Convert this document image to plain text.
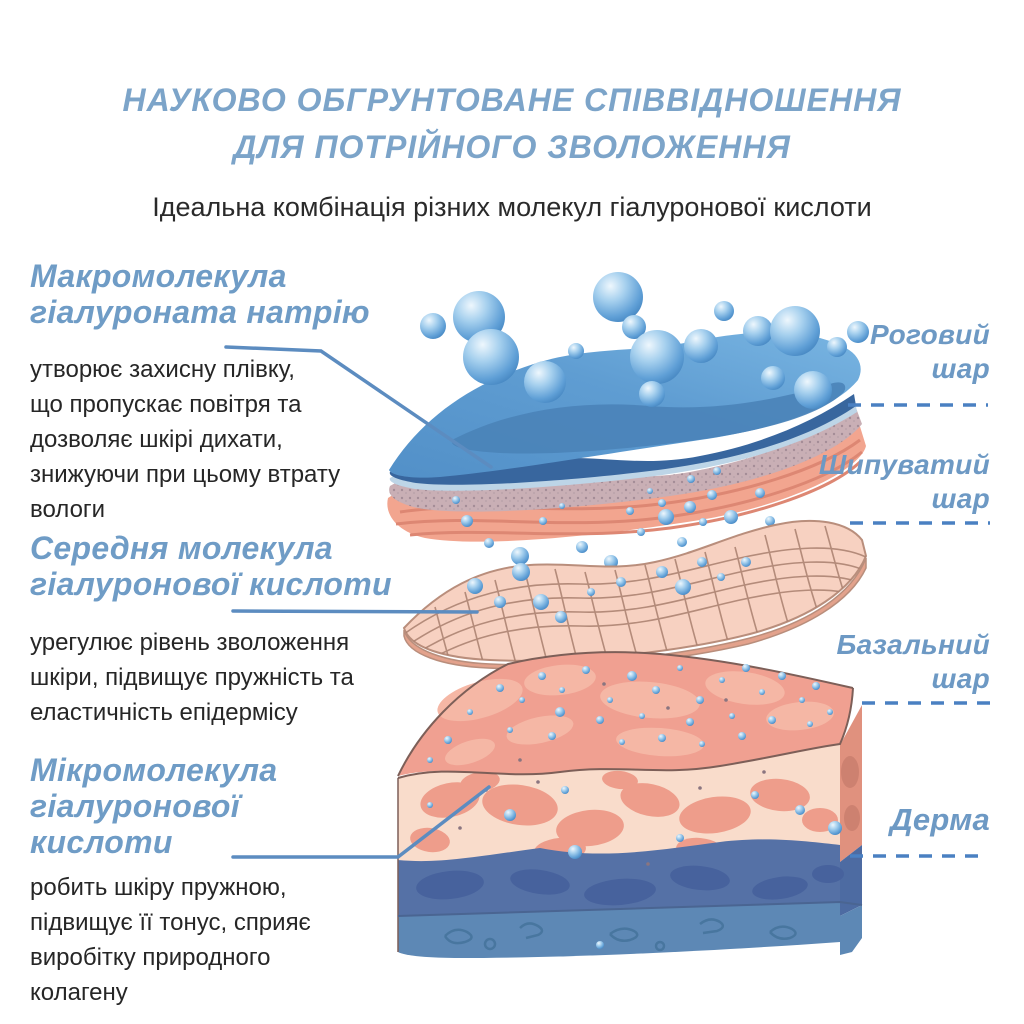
НАУКОВО ОБГРУНТОВАНЕ СПІВВІДНОШЕННЯ
ДЛЯ ПОТРІЙНОГО ЗВОЛОЖЕННЯ

Ідеальна комбінація різних молекул гіалуронової кислоти

Макромолекула
гіалуроната натрію

утворює захисну плівку,
що пропускає повітря та
дозволяє шкірі дихати,
знижуючи при цьому втрату
вологи

Середня молекула
гіалуронової кислоти

урегулює рівень зволоження
шкіри, підвищує пружність та
еластичність епідермісу

Мікромолекула
гіалуронової
кислоти

робить шкіру пружною,
підвищує її тонус, сприяє
виробітку природного
колагену

Роговий
шар
Шипуватий
шар
Базальний
шар
Дерма
